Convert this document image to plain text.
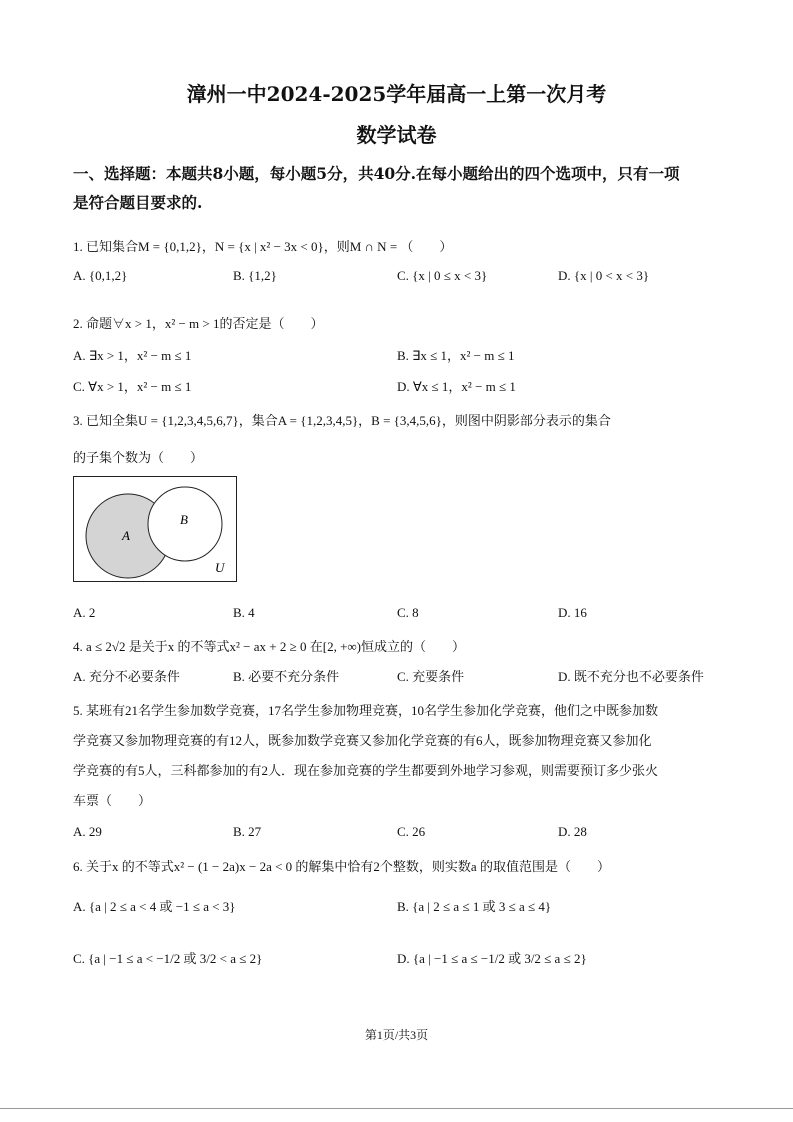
漳州一中2024-2025学年届高一上第一次月考
数学试卷
一、选择题：本题共8小题，每小题5分，共40分.在每小题给出的四个选项中，只有一项
是符合题目要求的.
1. 已知集合M = {0,1,2}，N = {x | x² − 3x < 0}，则M ∩ N = （　　）
A. {0,1,2}	B. {1,2}	C. {x | 0 ≤ x < 3}	D. {x | 0 < x < 3}
2. 命题∀x > 1，x² − m > 1的否定是（　　）
A. ∃x > 1，x² − m ≤ 1	B. ∃x ≤ 1，x² − m ≤ 1
C. ∀x > 1，x² − m ≤ 1	D. ∀x ≤ 1，x² − m ≤ 1
3. 已知全集U = {1,2,3,4,5,6,7}，集合A = {1,2,3,4,5}，B = {3,4,5,6}，则图中阴影部分表示的集合
的子集个数为（　　）
A
B
U
A. 2	B. 4	C. 8	D. 16
4. a ≤ 2√2 是关于x 的不等式x² − ax + 2 ≥ 0 在[2, +∞)恒成立的（　　）
A. 充分不必要条件	B. 必要不充分条件	C. 充要条件	D. 既不充分也不必要条件
5. 某班有21名学生参加数学竞赛，17名学生参加物理竞赛，10名学生参加化学竞赛，他们之中既参加数
学竞赛又参加物理竞赛的有12人，既参加数学竞赛又参加化学竞赛的有6人，既参加物理竞赛又参加化
学竞赛的有5人，三科都参加的有2人．现在参加竞赛的学生都要到外地学习参观，则需要预订多少张火
车票（　　）
A. 29	B. 27	C. 26	D. 28
6. 关于x 的不等式x² − (1 − 2a)x − 2a < 0 的解集中恰有2个整数，则实数a 的取值范围是（　　）
A. {a | 2 ≤ a < 4 或 −1 ≤ a < 3}	B. {a | 2 ≤ a ≤ 1 或 3 ≤ a ≤ 4}
C. {a | −1 ≤ a < −1/2 或 3/2 < a ≤ 2}	D. {a | −1 ≤ a ≤ −1/2 或 3/2 ≤ a ≤ 2}
第1页/共3页
